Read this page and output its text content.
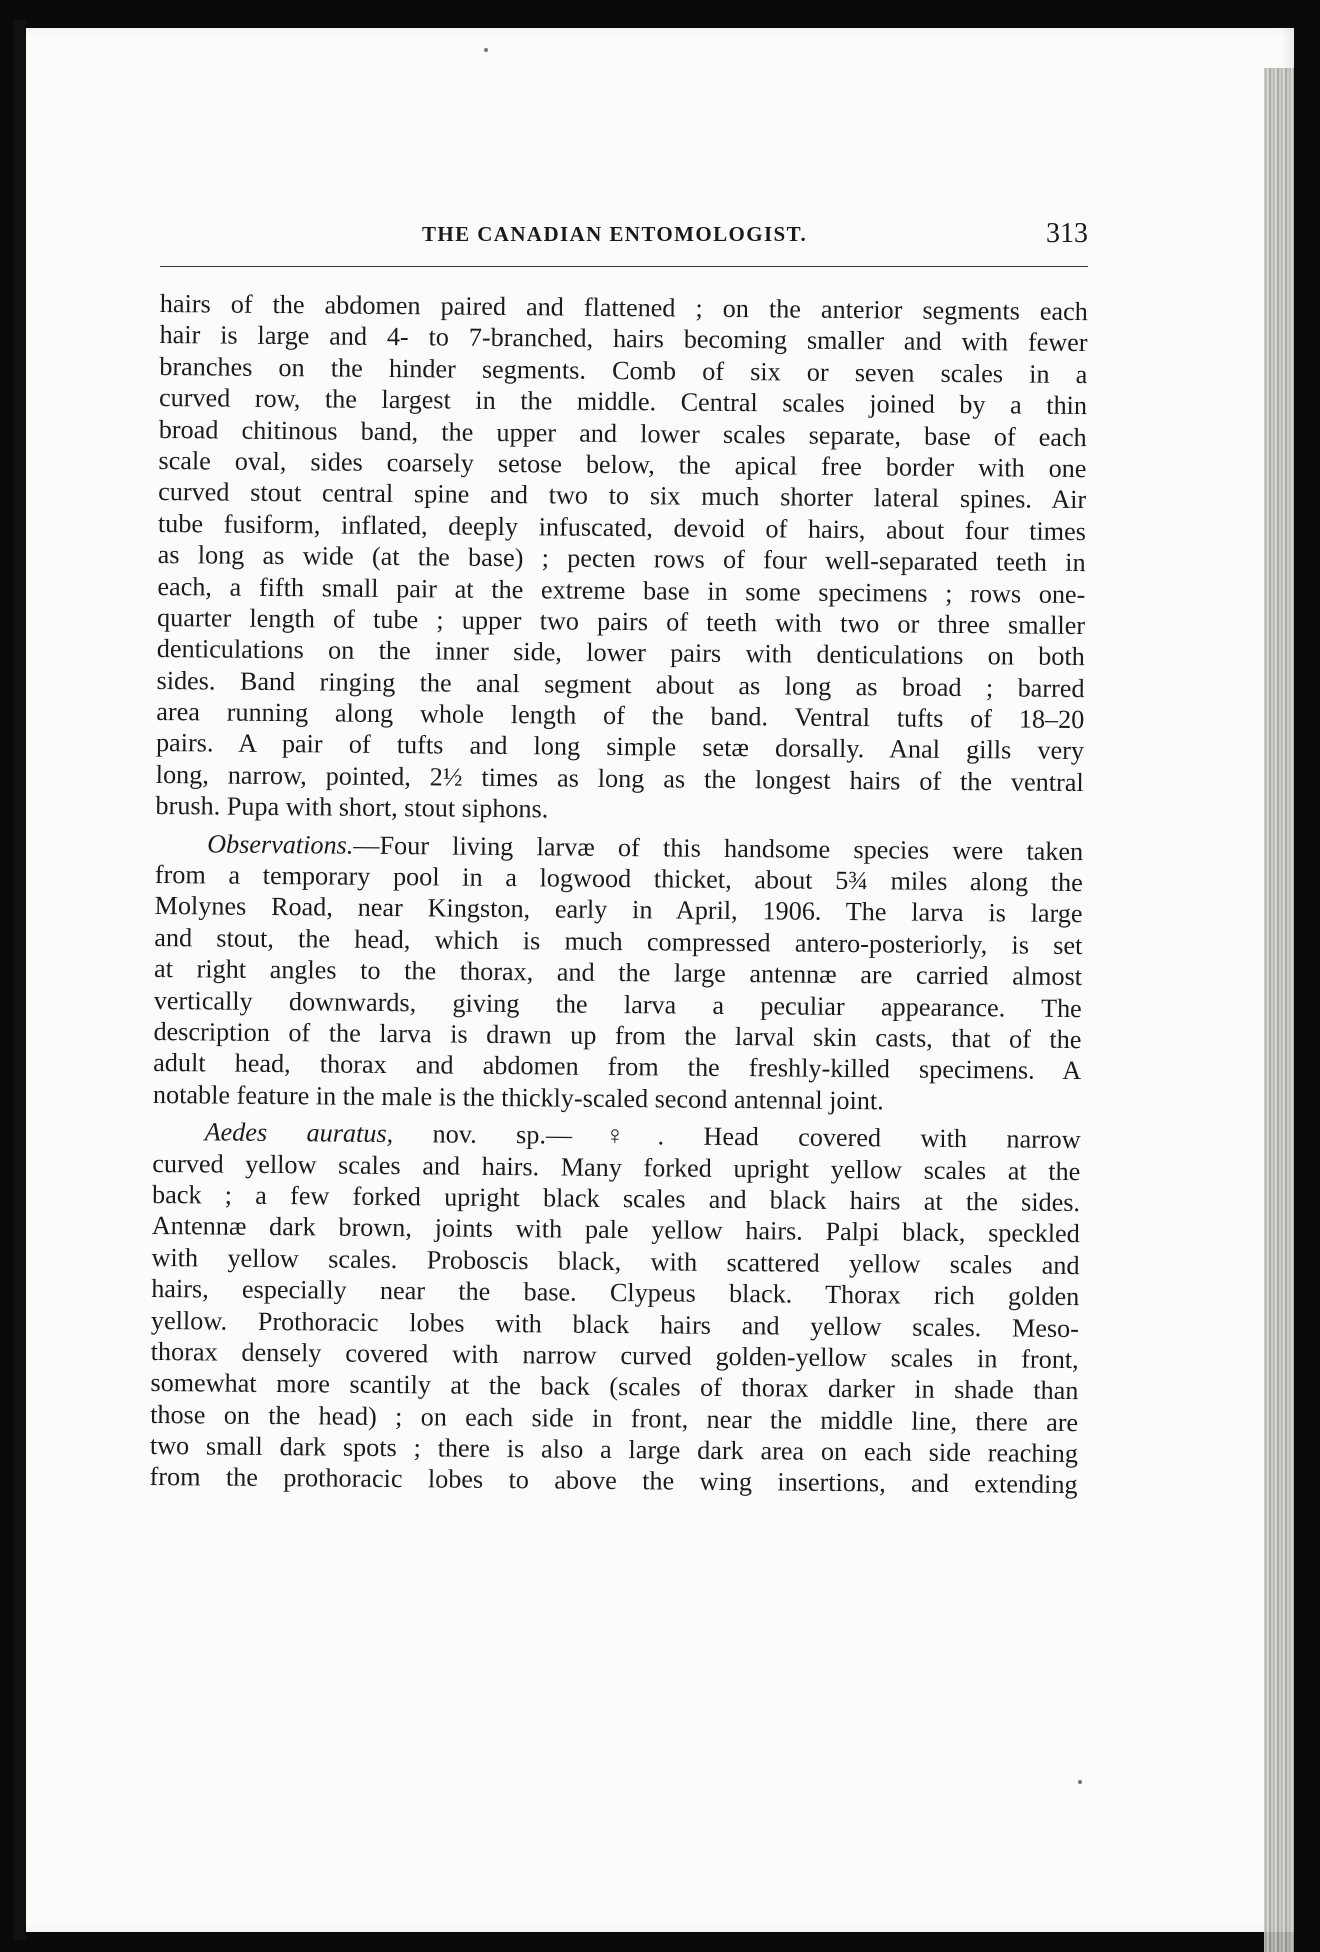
THE CANADIAN ENTOMOLOGIST.	313
hairs of the abdomen paired and flattened ; on the anterior segments each
hair is large and 4- to 7-branched, hairs becoming smaller and with fewer
branches on the hinder segments. Comb of six or seven scales in a
curved row, the largest in the middle. Central scales joined by a thin
broad chitinous band, the upper and lower scales separate, base of each
scale oval, sides coarsely setose below, the apical free border with one
curved stout central spine and two to six much shorter lateral spines. Air
tube fusiform, inflated, deeply infuscated, devoid of hairs, about four times
as long as wide (at the base) ; pecten rows of four well-separated teeth in
each, a fifth small pair at the extreme base in some specimens ; rows one-
quarter length of tube ; upper two pairs of teeth with two or three smaller
denticulations on the inner side, lower pairs with denticulations on both
sides. Band ringing the anal segment about as long as broad ; barred
area running along whole length of the band. Ventral tufts of 18–20
pairs. A pair of tufts and long simple setæ dorsally. Anal gills very
long, narrow, pointed, 2½ times as long as the longest hairs of the ventral
brush. Pupa with short, stout siphons.
Observations.—Four living larvæ of this handsome species were taken
from a temporary pool in a logwood thicket, about 5¾ miles along the
Molynes Road, near Kingston, early in April, 1906. The larva is large
and stout, the head, which is much compressed antero-posteriorly, is set
at right angles to the thorax, and the large antennæ are carried almost
vertically downwards, giving the larva a peculiar appearance. The
description of the larva is drawn up from the larval skin casts, that of the
adult head, thorax and abdomen from the freshly-killed specimens. A
notable feature in the male is the thickly-scaled second antennal joint.
Aedes auratus, nov. sp.—♀. Head covered with narrow
curved yellow scales and hairs. Many forked upright yellow scales at the
back ; a few forked upright black scales and black hairs at the sides.
Antennæ dark brown, joints with pale yellow hairs. Palpi black, speckled
with yellow scales. Proboscis black, with scattered yellow scales and
hairs, especially near the base. Clypeus black. Thorax rich golden
yellow. Prothoracic lobes with black hairs and yellow scales. Meso-
thorax densely covered with narrow curved golden-yellow scales in front,
somewhat more scantily at the back (scales of thorax darker in shade than
those on the head) ; on each side in front, near the middle line, there are
two small dark spots ; there is also a large dark area on each side reaching
from the prothoracic lobes to above the wing insertions, and extending
